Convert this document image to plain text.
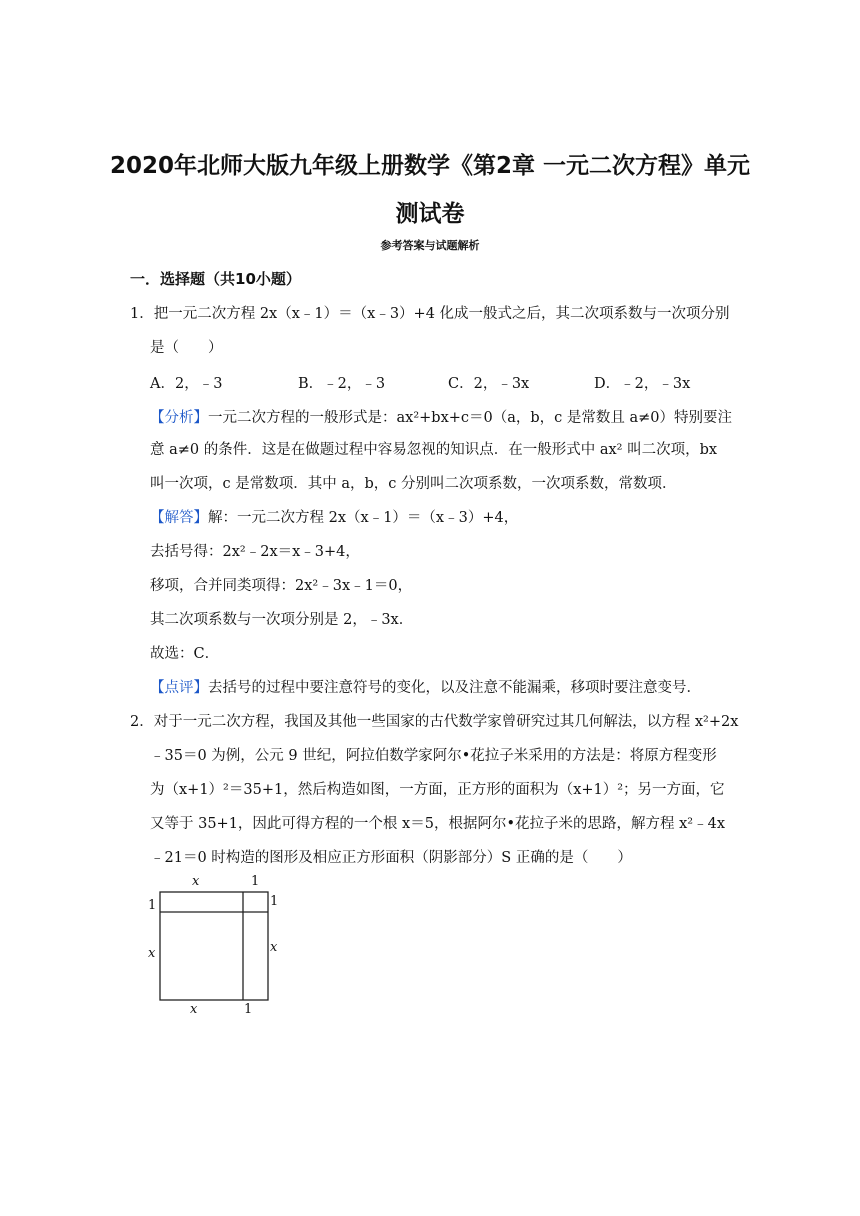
2020年北师大版九年级上册数学《第2章 一元二次方程》单元
测试卷
参考答案与试题解析
一．选择题（共10小题）
1．把一元二次方程 2x（x﹣1）＝（x﹣3）+4 化成一般式之后，其二次项系数与一次项分别
是（　　）
A．2，﹣3	B．﹣2，﹣3	C．2，﹣3x	D．﹣2，﹣3x
【分析】一元二次方程的一般形式是：ax²+bx+c＝0（a，b，c 是常数且 a≠0）特别要注
意 a≠0 的条件．这是在做题过程中容易忽视的知识点．在一般形式中 ax² 叫二次项，bx
叫一次项，c 是常数项．其中 a，b，c 分别叫二次项系数，一次项系数，常数项．
【解答】解：一元二次方程 2x（x﹣1）＝（x﹣3）+4，
去括号得：2x²﹣2x＝x﹣3+4，
移项，合并同类项得：2x²﹣3x﹣1＝0，
其二次项系数与一次项分别是 2，﹣3x．
故选：C．
【点评】去括号的过程中要注意符号的变化，以及注意不能漏乘，移项时要注意变号．
2．对于一元二次方程，我国及其他一些国家的古代数学家曾研究过其几何解法，以方程 x²+2x
﹣35＝0 为例，公元 9 世纪，阿拉伯数学家阿尔•花拉子米采用的方法是：将原方程变形
为（x+1）²＝35+1，然后构造如图，一方面，正方形的面积为（x+1）²；另一方面，它
又等于 35+1，因此可得方程的一个根 x＝5，根据阿尔•花拉子米的思路，解方程 x²﹣4x
﹣21＝0 时构造的图形及相应正方形面积（阴影部分）S 正确的是（　　）
x	1
1
x
1
x
x	1
